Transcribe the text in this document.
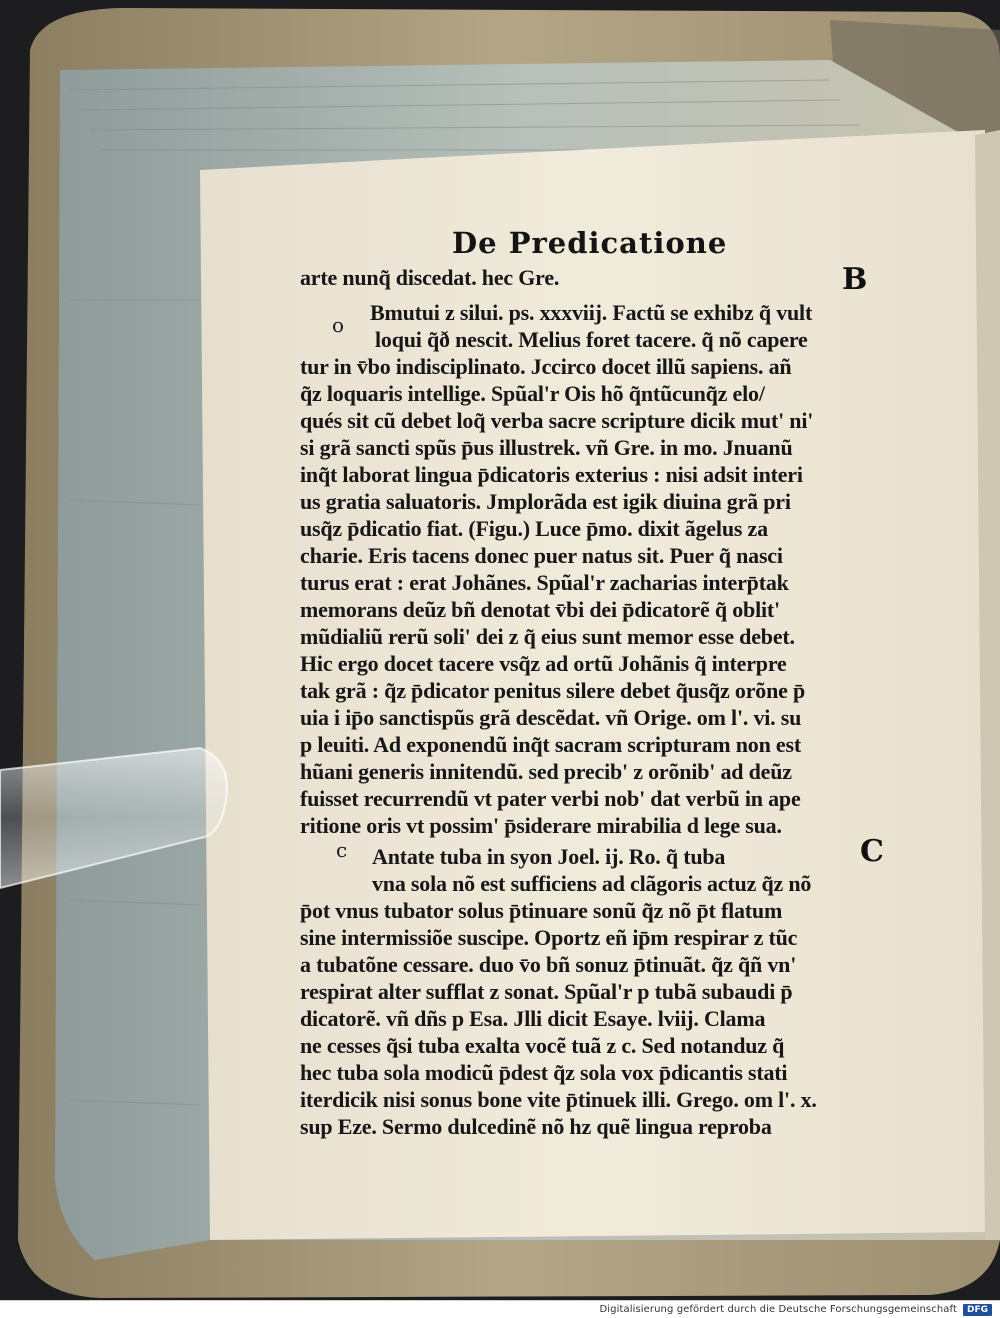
De Predicatione
B
o
c	C
arte nunq̃ discedat. hec Gre.
Bmutui z silui. ps. xxxviij. Factũ se exhibz q̃ vult
loqui q̃ð nescit. Melius foret tacere. q̃ nõ capere
tur in v̄bo indisciplinato. Jccirco docet illũ sapiens. añ
q̃z loquaris intellige. Spũal'r Ois hõ q̃ntũcunq̃z elo/
qués sit cũ debet loq̃ verba sacre scripture dicik mut' ni'
si grã sancti spũs p̄us illustrek. vñ Gre. in mo. Jnuanũ
inq̃t laborat lingua p̄dicatoris exterius : nisi adsit interi
us gratia saluatoris. Jmplorãda est igik diuina grã pri
usq̃z p̄dicatio fiat. (Figu.) Luce p̄mo. dixit ãgelus za
charie. Eris tacens donec puer natus sit. Puer q̃ nasci
turus erat : erat Johãnes. Spũal'r zacharias interp̄tak
memorans deũz bñ denotat v̄bi dei p̄dicatorẽ q̃ oblit'
mũdialiũ rerũ soli' dei z q̃ eius sunt memor esse debet.
Hic ergo docet tacere vsq̃z ad ortũ Johãnis q̃ interpre
tak grã : q̃z p̄dicator penitus silere debet q̃usq̃z orõne p̄
uia i ip̄o sanctispũs grã descẽdat. vñ Orige. om l'. vi. su
p leuiti. Ad exponendũ inq̃t sacram scripturam non est
hũani generis innitendũ. sed precib' z orõnib' ad deũz
fuisset recurrendũ vt pater verbi nob' dat verbũ in ape
ritione oris vt possim' p̄siderare mirabilia d lege sua.
Antate tuba in syon Joel. ij. Ro. q̃ tuba
vna sola nõ est sufficiens ad clãgoris actuz q̃z nõ
p̄ot vnus tubator solus p̄tinuare sonũ q̃z nõ p̄t flatum
sine intermissiõe suscipe. Oportz eñ ip̄m respirar z tũc
a tubatõne cessare. duo v̄o bñ sonuz p̄tinuãt. q̃z q̃ñ vn'
respirat alter sufflat z sonat. Spũal'r p tubã subaudi p̄
dicatorẽ. vñ dñs p Esa. Jlli dicit Esaye. lviij. Clama
ne cesses q̃si tuba exalta vocẽ tuã z c. Sed notanduz q̃
hec tuba sola modicũ p̄dest q̃z sola vox p̄dicantis stati
iterdicik nisi sonus bone vite p̄tinuek illi. Grego. om l'. x.
sup Eze. Sermo dulcedinẽ nõ hz quẽ lingua reproba
Digitalisierung gefördert durch die Deutsche Forschungsgemeinschaft	DFG
